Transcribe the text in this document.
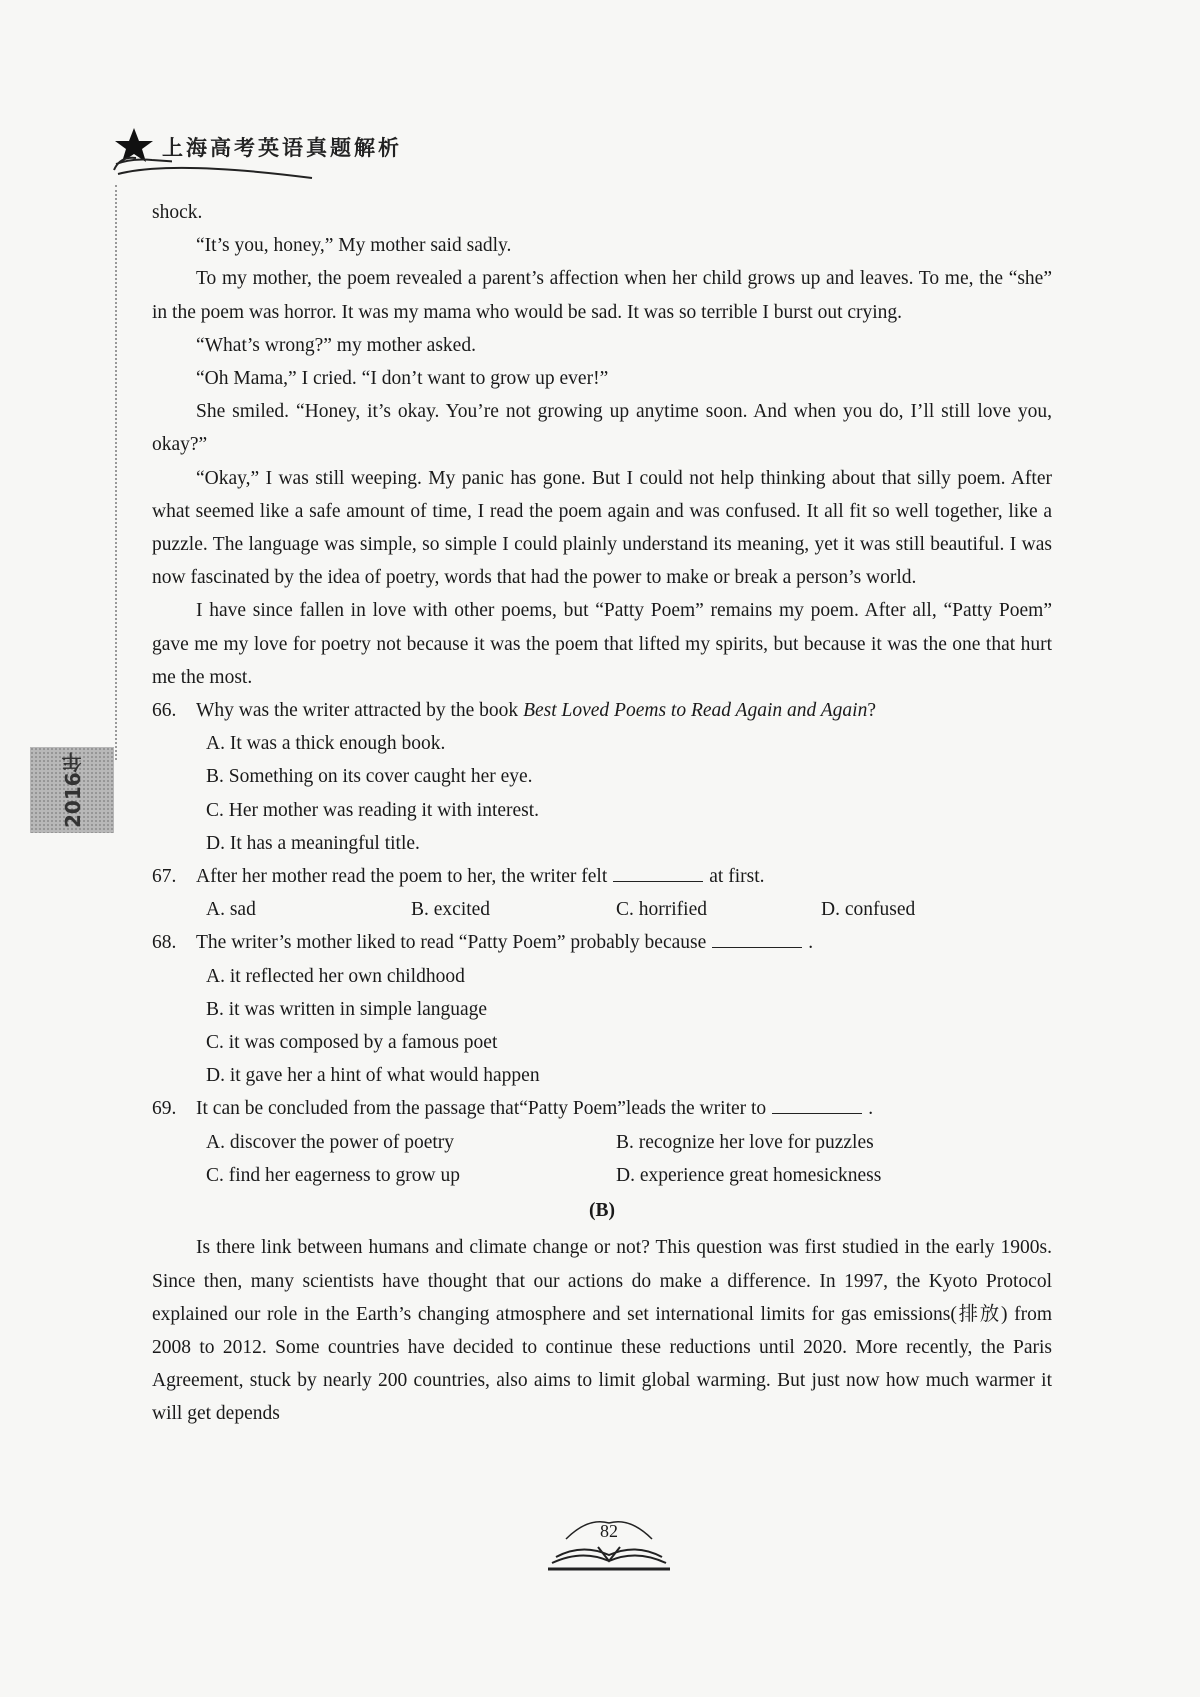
上海高考英语真题解析
2016年

shock.

“It’s you, honey,” My mother said sadly.

To my mother, the poem revealed a parent’s affection when her child grows up and leaves. To me, the “she” in the poem was horror. It was my mama who would be sad. It was so terrible I burst out crying.

“What’s wrong?” my mother asked.

“Oh Mama,” I cried. “I don’t want to grow up ever!”

She smiled. “Honey, it’s okay. You’re not growing up anytime soon. And when you do, I’ll still love you, okay?”

“Okay,” I was still weeping. My panic has gone. But I could not help thinking about that silly poem. After what seemed like a safe amount of time, I read the poem again and was confused. It all fit so well together, like a puzzle. The language was simple, so simple I could plainly understand its meaning, yet it was still beautiful. I was now fascinated by the idea of poetry, words that had the power to make or break a person’s world.

I have since fallen in love with other poems, but “Patty Poem” remains my poem. After all, “Patty Poem” gave me my love for poetry not because it was the poem that lifted my spirits, but because it was the one that hurt me the most.

66. Why was the writer attracted by the book Best Loved Poems to Read Again and Again?
A. It was a thick enough book.
B. Something on its cover caught her eye.
C. Her mother was reading it with interest.
D. It has a meaningful title.
67. After her mother read the poem to her, the writer felt	at first.
A. sad	B. excited	C. horrified	D. confused
68. The writer’s mother liked to read “Patty Poem” probably because	.
A. it reflected her own childhood
B. it was written in simple language
C. it was composed by a famous poet
D. it gave her a hint of what would happen
69. It can be concluded from the passage that“Patty Poem”leads the writer to	.
A. discover the power of poetry	B. recognize her love for puzzles
C. find her eagerness to grow up	D. experience great homesickness
(B)

Is there link between humans and climate change or not? This question was first studied in the early 1900s. Since then, many scientists have thought that our actions do make a difference. In 1997, the Kyoto Protocol explained our role in the Earth’s changing atmosphere and set international limits for gas emissions(排放) from 2008 to 2012. Some countries have decided to continue these reductions until 2020. More recently, the Paris Agreement, stuck by nearly 200 countries, also aims to limit global warming. But just now how much warmer it will get depends

82
